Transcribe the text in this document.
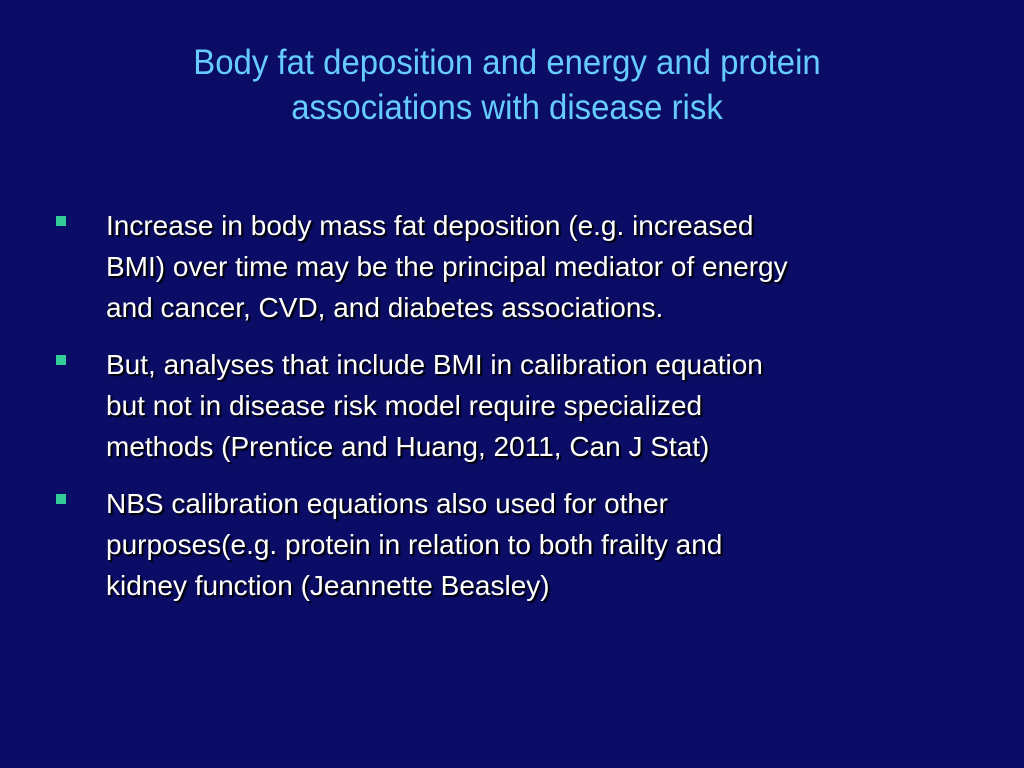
Body fat deposition and energy and protein
associations with disease risk
Increase in body mass fat deposition (e.g. increased
BMI) over time may be the principal mediator of energy
and cancer, CVD, and diabetes associations.
But, analyses that include BMI in calibration equation
but not in disease risk model require specialized
methods (Prentice and Huang, 2011, Can J Stat)
NBS calibration equations also used for other
purposes(e.g. protein in relation to both frailty and
kidney function (Jeannette Beasley)
